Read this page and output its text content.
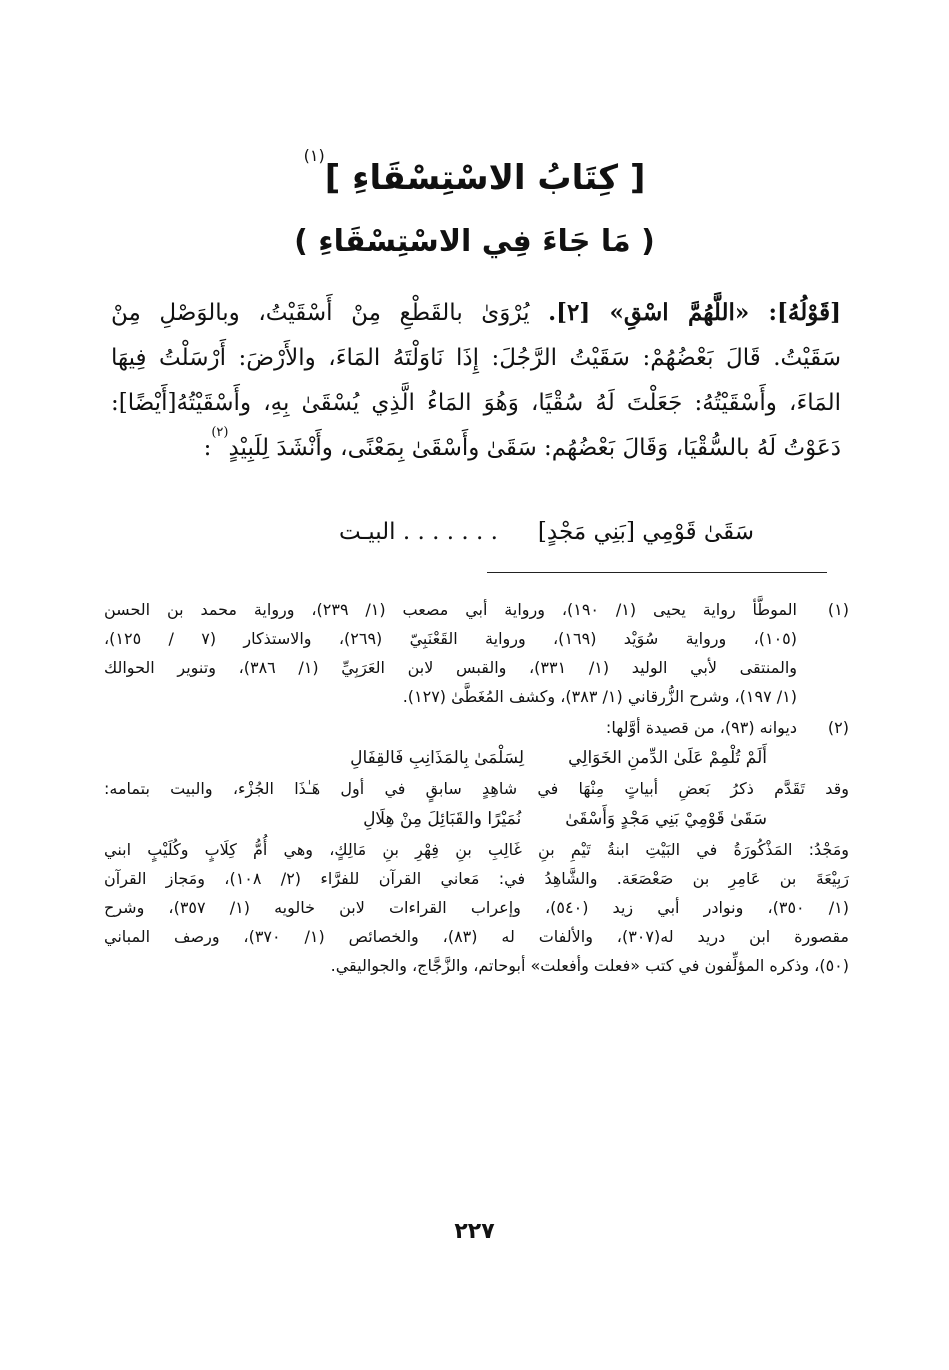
[ كِتَابُ الاسْتِسْقَاءِ ]$^{(١)}$
( مَا جَاءَ فِي الاسْتِسْقَاءِ )
[قَوْلُهُ]: «اللَّهُمَّ اسْقِ» [٢]. يُرْوَىٰ بالقَطْعِ مِنْ أَسْقَيْتُ، وبالوَصْلِ مِنْ
سَقَيْتُ. قَالَ بَعْضُهُمْ: سَقَيْتُ الرَّجُلَ: إِذَا نَاوَلْتَهُ المَاءَ، والأَرْضَ: أَرْسَلْتُ فِيهَا
المَاءَ، وأَسْقَيْتُهُ: جَعَلْتَ لَهُ سُقْيًا، وَهُوَ المَاءُ الَّذِي يُسْقَىٰ بِهِ، وأَسْقَيْتُهُ[أَيْضًا]:
دَعَوْتُ لَهُ بالسُّقْيَا، وَقَالَ بَعْضُهُم: سَقَىٰ وأَسْقَىٰ بِمَعْنًى، وأَنْشَدَ لِلَبِيْدٍ$^{(٢)}$:
سَقَىٰ قَوْمِي [بَنِي مَجْدٍ]. . . . . . . البيـت
(١)
الموطَّأ رواية يحيى (١/ ١٩٠)، ورواية أبي مصعب (١/ ٢٣٩)، ورواية محمد بن الحسن
(١٠٥)، ورواية سُوَيْد (١٦٩)، ورواية القَعْنَبِيّ (٢٦٩)، والاستذكار (٧ / ١٢٥)،
والمنتقى لأبي الوليد (١/ ٣٣١)، والقبس لابن العَرَبِيِّ (١/ ٣٨٦)، وتنوير الحوالك
(١/ ١٩٧)، وشرح الزُّرقاني (١/ ٣٨٣)، وكشف المُغَطَّىٰ (١٢٧).
(٢)
ديوانه (٩٣)، من قصيدة أوَّلها:
أَلَمْ تُلْمِمْ عَلَىٰ الدِّمنِ الخَوَالِيلِسَلْمَىٰ بِالمَذَانِبِ فَالقِفَالِ
وقد تَقَدَّم ذكرُ بَعضِ أبياتٍ مِنْهَا في شاهِدٍ سابقٍ في أول هَـٰذَا الجُزْء، والبيت بتمامه:
سَقَىٰ قَوْمِيْ بَنِي مَجْدٍ وَأَسْقَىٰنُمَيْرًا والقَبَائِلَ مِنْ هِلَالِ
ومَجْدُ: المَذْكُورَةُ في البَيْتِ ابنةُ تَيْمِ بنِ غَالِبِ بنِ فِهْرِ بنِ مَالِكٍ، وهي أُمُّ كِلَابٍ وكُلَيْبٍ ابني
رَبِيْعَةَ بن عَامِرِ بن صَعْصَعَة. والشَّاهِدُ في: مَعاني القرآن للفرَّاء (٢/ ١٠٨)، ومَجاز القرآن
(١/ ٣٥٠)، ونوادر أبي زيد (٥٤٠)، وإعراب القراءات لابن خالويه (١/ ٣٥٧)، وشرح
مقصورة ابن دريد له(٣٠٧)، والألفات له (٨٣)، والخصائص (١/ ٣٧٠)، ورصف المباني
(٥٠)، وذكره المؤلِّفون في كتب «فعلت وأفعلت» أبوحاتم، والزَّجَّاج، والجواليقي.
٢٢٧
